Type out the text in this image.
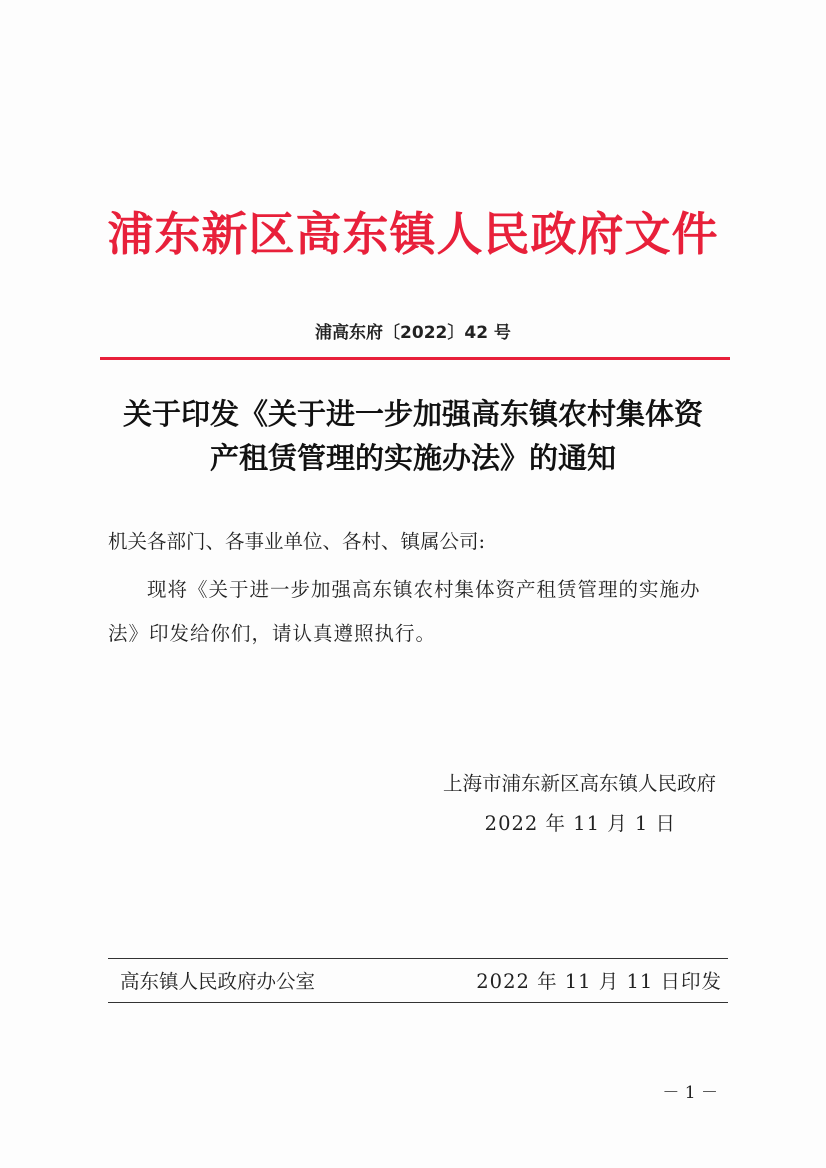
浦东新区高东镇人民政府文件
浦高东府〔2022〕42 号
关于印发《关于进一步加强高东镇农村集体资
产租赁管理的实施办法》的通知
机关各部门、各事业单位、各村、镇属公司:
现将《关于进一步加强高东镇农村集体资产租赁管理的实施办法》印发给你们，请认真遵照执行。
上海市浦东新区高东镇人民政府
2022 年 11 月 1 日
高东镇人民政府办公室	2022 年 11 月 11 日印发
－ 1 －
